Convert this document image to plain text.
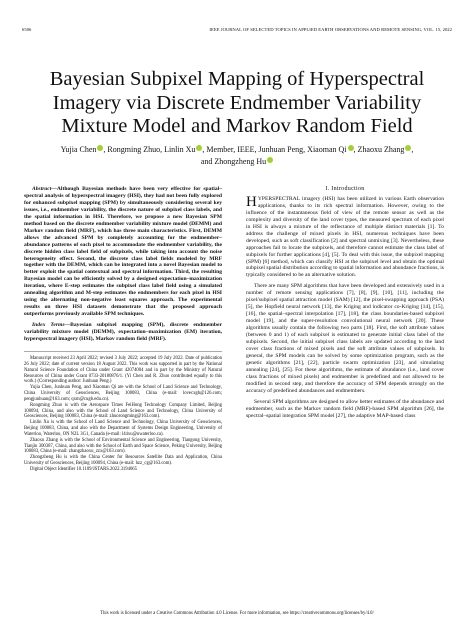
6506	IEEE JOURNAL OF SELECTED TOPICS IN APPLIED EARTH OBSERVATIONS AND REMOTE SENSING, VOL. 15, 2022
Bayesian Subpixel Mapping of Hyperspectral Imagery via Discrete Endmember Variability Mixture Model and Markov Random Field
Yujia Chen , Rongming Zhuo, Linlin Xu , Member, IEEE, Junhuan Peng, Xiaoman Qi , Zhaoxu Zhang ,
and Zhongzheng Hu

Abstract—Although Bayesian methods have been very effective for spatial–spectral analysis of hyperspectral imagery (HSI), they had not been fully explored for enhanced subpixel mapping (SPM) by simultaneously considering several key issues, i.e., endmember variability, the discrete nature of subpixel class labels, and the spatial information in HSI. Therefore, we propose a new Bayesian SPM method based on the discrete endmember variability mixture model (DEMM) and Markov random field (MRF), which has three main characteristics. First, DEMM allows the advanced SPM by completely accounting for the endmember–abundance patterns of each pixel to accommodate the endmember variability, the discrete hidden class label field of subpixels, while taking into account the noise heterogeneity effect. Second, the discrete class label fields modeled by MRF together with the DEMM, which can be integrated into a novel Bayesian model to better exploit the spatial contextual and spectral information. Third, the resulting Bayesian model can be efficiently solved by a designed expectation–maximization iteration, where E-step estimates the subpixel class label field using a simulated annealing algorithm and M-step estimates the endmembers for each pixel in HSI using the alternating non-negative least squares approach. The experimental results on three HSI datasets demonstrate that the proposed approach outperforms previously available SPM techniques.

Index Terms—Bayesian subpixel mapping (SPM), discrete endmember variability mixture model (DEMM), expectation–maximization (EM) iteration, hyperspectral imagery (HSI), Markov random field (MRF).

Manuscript received 23 April 2022; revised 3 July 2022; accepted 19 July 2022. Date of publication 26 July 2022; date of current version 18 August 2022. This work was supported in part by the National Natural Science Foundation of China under Grant 42074004 and in part by the Ministry of Natural Resources of China under Grant 0733-20180876/1. (Yi Chen and R. Zhuo contributed equally to this work.) (Corresponding author: Junhuan Peng.)

Yujia Chen, Junhuan Peng, and Xiaoman Qi are with the School of Land Science and Technology, China University of Geosciences, Beijing 100083, China (e-mail: lovecxgb@126.com; pengjunhuan@163.com; qxm@cugb.edu.cn).

Rongming Zhuo is with the Aerospace Times FeiHong Technology Company Limited, Beijing 100094, China, and also with the School of Land Science and Technology, China University of Geosciences, Beijing 100083, China (e-mail: zhuorongming@163.com).

Linlin Xu is with the School of Land Science and Technology, China University of Geosciences, Beijing 100083, China, and also with the Department of Systems Design Engineering, University of Waterloo, Waterloo, ON N2L 3G1, Canada (e-mail: l44xu@uwaterloo.ca).

Zhaoxu Zhang is with the School of Environmental Science and Engineering, Tiangong University, Tianjin 300387, China, and also with the School of Earth and Space Science, Peking University, Beijing 100083, China (e-mail: zhangzhaoxu_zzx@163.com).

Zhongzheng Hu is with the China Center for Resources Satellite Data and Application, China University of Geosciences, Beijing 100094, China (e-mail: hzz_cg@163.com).

Digital Object Identifier 10.1109/JSTARS.2022.3194065

I. Introduction

HYPERSPECTRAL imagery (HSI) has been utilized in various Earth observation applications, thanks to its rich spectral information. However, owing to the influence of the instantaneous field of view of the remote sensor as well as the complexity and diversity of the land cover types, the measured spectrum of each pixel in HSI is always a mixture of the reflectance of multiple distinct materials [1]. To address the challenge of mixed pixels in HSI, numerous techniques have been developed, such as soft classification [2] and spectral unmixing [3]. Nevertheless, these approaches fail to locate the subpixels, and therefore cannot estimate the class label of subpixels for further applications [4], [5]. To deal with this issue, the subpixel mapping (SPM) [6] method, which can classify HSI at the subpixel level and obtain the optimal subpixel spatial distribution according to spatial information and abundance fractions, is typically considered to be an alternative solution.

There are many SPM algorithms that have been developed and extensively used in a number of remote sensing applications [7], [8], [9], [10], [11], including the pixel/subpixel spatial attraction model (SAM) [12], the pixel-swapping approach (PSA) [5], the Hopfield neural network [13], the Kriging and indicator co-Kriging [14], [15], [16], the spatial–spectral interpolation [17], [18], the class boundaries-based subpixel model [19], and the super-resolution convolutional neural network [20]. These algorithms usually contain the following two parts [18]. First, the soft attribute values (between 0 and 1) of each subpixel is estimated to generate initial class label of the subpixels. Second, the initial subpixel class labels are updated according to the land cover class fractions of mixed pixels and the soft attribute values of subpixels. In general, the SPM models can be solved by some optimization program, such as the genetic algorithms [21], [22], particle swarm optimization [23], and simulating annealing [24], [25]. For these algorithms, the estimate of abundance (i.e., land cover class fractions of mixed pixels) and endmember is predefined and not allowed to be modified in second step, and therefore the accuracy of SPM depends strongly on the accuracy of predefined abundances and endmembers.

Several SPM algorithms are designed to allow better estimates of the abundance and endmember, such as the Markov random field (MRF)-based SPM algorithm [26], the spectral–spatial integration SPM model [27], the adaptive MAP-based class

This work is licensed under a Creative Commons Attribution 4.0 License. For more information, see https://creativecommons.org/licenses/by/4.0/
